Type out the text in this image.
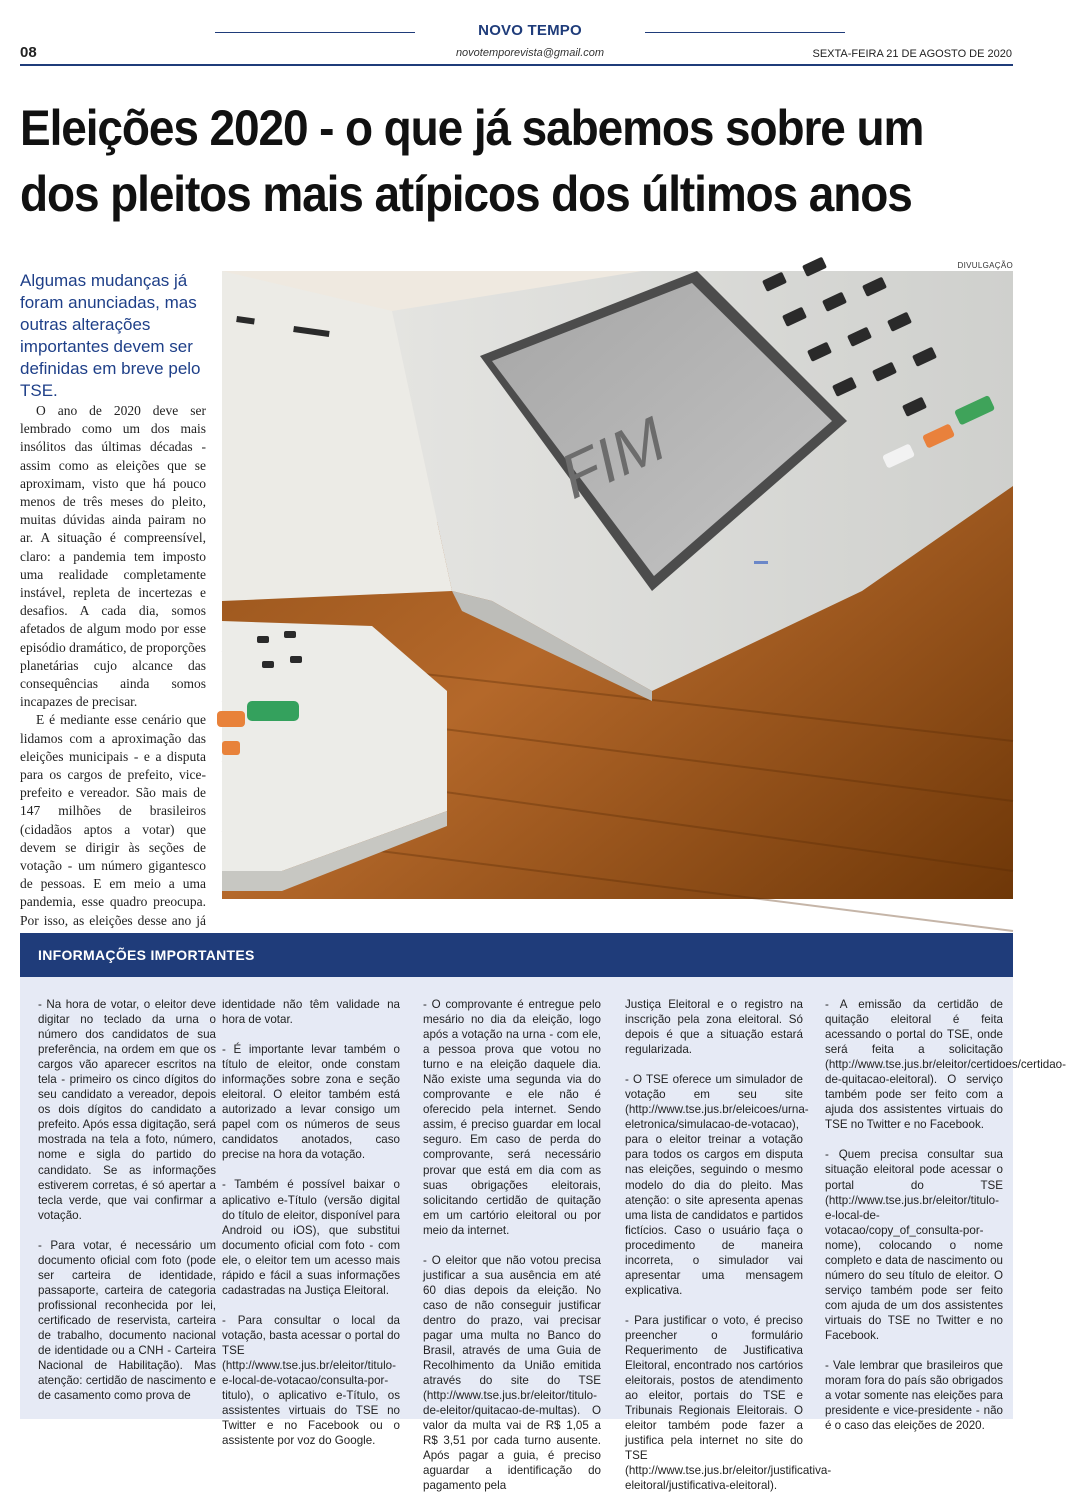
NOVO TEMPO
novotemporevista@gmail.com
08	SEXTA-FEIRA 21 DE AGOSTO DE 2020
Eleições 2020 - o que já sabemos sobre um dos pleitos mais atípicos dos últimos anos
Algumas mudanças já foram anunciadas, mas outras alterações importantes devem ser definidas em breve pelo TSE.

O ano de 2020 deve ser lembrado como um dos mais insólitos das últimas décadas - assim como as eleições que se aproximam, visto que há pouco menos de três meses do pleito, muitas dúvidas ainda pairam no ar. A situação é compreensível, claro: a pandemia tem imposto uma realidade completamente instável, repleta de incertezas e desafios. A cada dia, somos afetados de algum modo por esse episódio dramático, de proporções planetárias cujo alcance das consequências ainda somos incapazes de precisar.

E é mediante esse cenário que lidamos com a aproximação das eleições municipais - e a disputa para os cargos de prefeito, vice-prefeito e vereador. São mais de 147 milhões de brasileiros (cidadãos aptos a votar) que devem se dirigir às seções de votação - um número gigantesco de pessoas. E em meio a uma pandemia, esse quadro preocupa. Por isso, as eleições desse ano já

DIVULGAÇÃO
FIM
INFORMAÇÕES IMPORTANTES

- Na hora de votar, o eleitor deve digitar no teclado da urna o número dos candidatos de sua preferência, na ordem em que os cargos vão aparecer escritos na tela - primeiro os cinco dígitos do seu candidato a vereador, depois os dois dígitos do candidato a prefeito. Após essa digitação, será mostrada na tela a foto, número, nome e sigla do partido do candidato. Se as informações estiverem corretas, é só apertar a tecla verde, que vai confirmar a votação.

- Para votar, é necessário um documento oficial com foto (pode ser carteira de identidade, passaporte, carteira de categoria profissional reconhecida por lei, certificado de reservista, carteira de trabalho, documento nacional de identidade ou a CNH - Carteira Nacional de Habilitação). Mas atenção: certidão de nascimento e de casamento como prova de

identidade não têm validade na hora de votar.

- É importante levar também o título de eleitor, onde constam informações sobre zona e seção eleitoral. O eleitor também está autorizado a levar consigo um papel com os números de seus candidatos anotados, caso precise na hora da votação.

- Também é possível baixar o aplicativo e-Título (versão digital do título de eleitor, disponível para Android ou iOS), que substitui documento oficial com foto - com ele, o eleitor tem um acesso mais rápido e fácil a suas informações cadastradas na Justiça Eleitoral.

- Para consultar o local da votação, basta acessar o portal do TSE (http://www.tse.jus.br/eleitor/titulo-e-local-de-votacao/consulta-por-titulo), o aplicativo e-Título, os assistentes virtuais do TSE no Twitter e no Facebook ou o assistente por voz do Google.

- O comprovante é entregue pelo mesário no dia da eleição, logo após a votação na urna - com ele, a pessoa prova que votou no turno e na eleição daquele dia. Não existe uma segunda via do comprovante e ele não é oferecido pela internet. Sendo assim, é preciso guardar em local seguro. Em caso de perda do comprovante, será necessário provar que está em dia com as suas obrigações eleitorais, solicitando certidão de quitação em um cartório eleitoral ou por meio da internet.

- O eleitor que não votou precisa justificar a sua ausência em até 60 dias depois da eleição. No caso de não conseguir justificar dentro do prazo, vai precisar pagar uma multa no Banco do Brasil, através de uma Guia de Recolhimento da União emitida através do site do TSE (http://www.tse.jus.br/eleitor/titulo-de-eleitor/quitacao-de-multas). O valor da multa vai de R$ 1,05 a R$ 3,51 por cada turno ausente. Após pagar a guia, é preciso aguardar a identificação do pagamento pela

Justiça Eleitoral e o registro na inscrição pela zona eleitoral. Só depois é que a situação estará regularizada.

- O TSE oferece um simulador de votação em seu site (http://www.tse.jus.br/eleicoes/urna-eletronica/simulacao-de-votacao), para o eleitor treinar a votação para todos os cargos em disputa nas eleições, seguindo o mesmo modelo do dia do pleito. Mas atenção: o site apresenta apenas uma lista de candidatos e partidos fictícios. Caso o usuário faça o procedimento de maneira incorreta, o simulador vai apresentar uma mensagem explicativa.

- Para justificar o voto, é preciso preencher o formulário Requerimento de Justificativa Eleitoral, encontrado nos cartórios eleitorais, postos de atendimento ao eleitor, portais do TSE e Tribunais Regionais Eleitorais. O eleitor também pode fazer a justifica pela internet no site do TSE (http://www.tse.jus.br/eleitor/justificativa-eleitoral/justificativa-eleitoral).

- A emissão da certidão de quitação eleitoral é feita acessando o portal do TSE, onde será feita a solicitação (http://www.tse.jus.br/eleitor/certidoes/certidao-de-quitacao-eleitoral). O serviço também pode ser feito com a ajuda dos assistentes virtuais do TSE no Twitter e no Facebook.

- Quem precisa consultar sua situação eleitoral pode acessar o portal do TSE (http://www.tse.jus.br/eleitor/titulo-e-local-de-votacao/copy_of_consulta-por-nome), colocando o nome completo e data de nascimento ou número do seu título de eleitor. O serviço também pode ser feito com ajuda de um dos assistentes virtuais do TSE no Twitter e no Facebook.

- Vale lembrar que brasileiros que moram fora do país são obrigados a votar somente nas eleições para presidente e vice-presidente - não é o caso das eleições de 2020.
